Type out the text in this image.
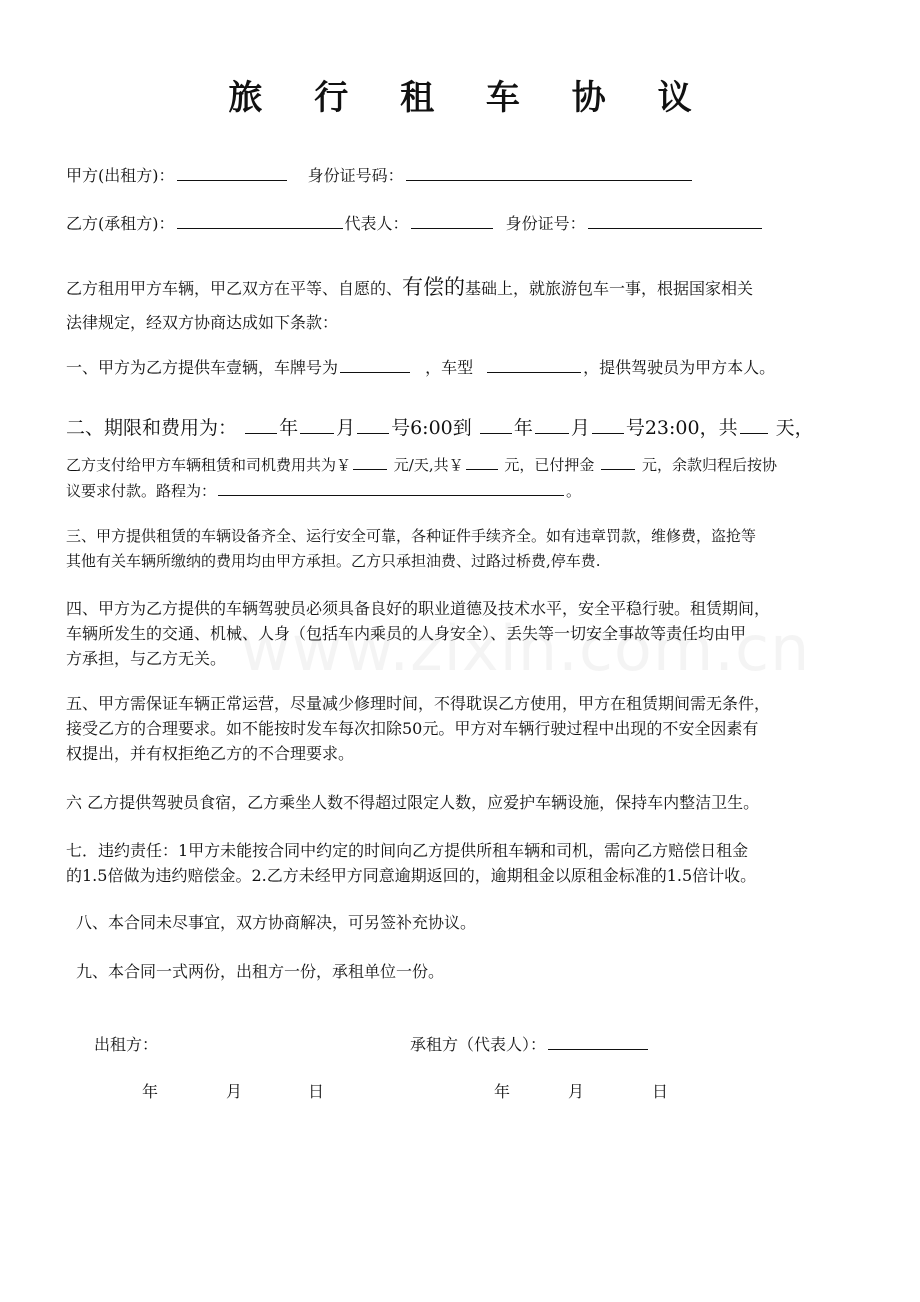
旅 行 租 车 协 议
甲方(出租方)：	身份证号码：
乙方(承租方)：	代表人：	身份证号：
乙方租用甲方车辆，甲乙双方在平等、自愿的、有偿的基础上，就旅游包车一事，根据国家相关
法律规定，经双方协商达成如下条款：
一、甲方为乙方提供车壹辆，车牌号为	，车型	，提供驾驶员为甲方本人。
二、期限和费用为： 年 月 号6:00到 年 月 号23:00，共 天，
乙方支付给甲方车辆租赁和司机费用共为￥	元/天,共￥	元，已付押金	元，余款归程后按协
议要求付款。路程为：	。
三、甲方提供租赁的车辆设备齐全、运行安全可靠，各种证件手续齐全。如有违章罚款，维修费，盗抢等
其他有关车辆所缴纳的费用均由甲方承担。乙方只承担油费、过路过桥费,停车费.
四、甲方为乙方提供的车辆驾驶员必须具备良好的职业道德及技术水平，安全平稳行驶。租赁期间，
车辆所发生的交通、机械、人身（包括车内乘员的人身安全）、丢失等一切安全事故等责任均由甲
方承担，与乙方无关。
五、甲方需保证车辆正常运营，尽量减少修理时间，不得耽误乙方使用，甲方在租赁期间需无条件，
接受乙方的合理要求。如不能按时发车每次扣除50元。甲方对车辆行驶过程中出现的不安全因素有
权提出，并有权拒绝乙方的不合理要求。
六 乙方提供驾驶员食宿，乙方乘坐人数不得超过限定人数，应爱护车辆设施，保持车内整洁卫生。
七．违约责任：1甲方未能按合同中约定的时间向乙方提供所租车辆和司机，需向乙方赔偿日租金
的1.5倍做为违约赔偿金。2.乙方未经甲方同意逾期返回的，逾期租金以原租金标准的1.5倍计收。
八、本合同未尽事宜，双方协商解决，可另签补充协议。
九、本合同一式两份，出租方一份，承租单位一份。
出租方：	承租方（代表人）：
年	月	日	年	月	日
